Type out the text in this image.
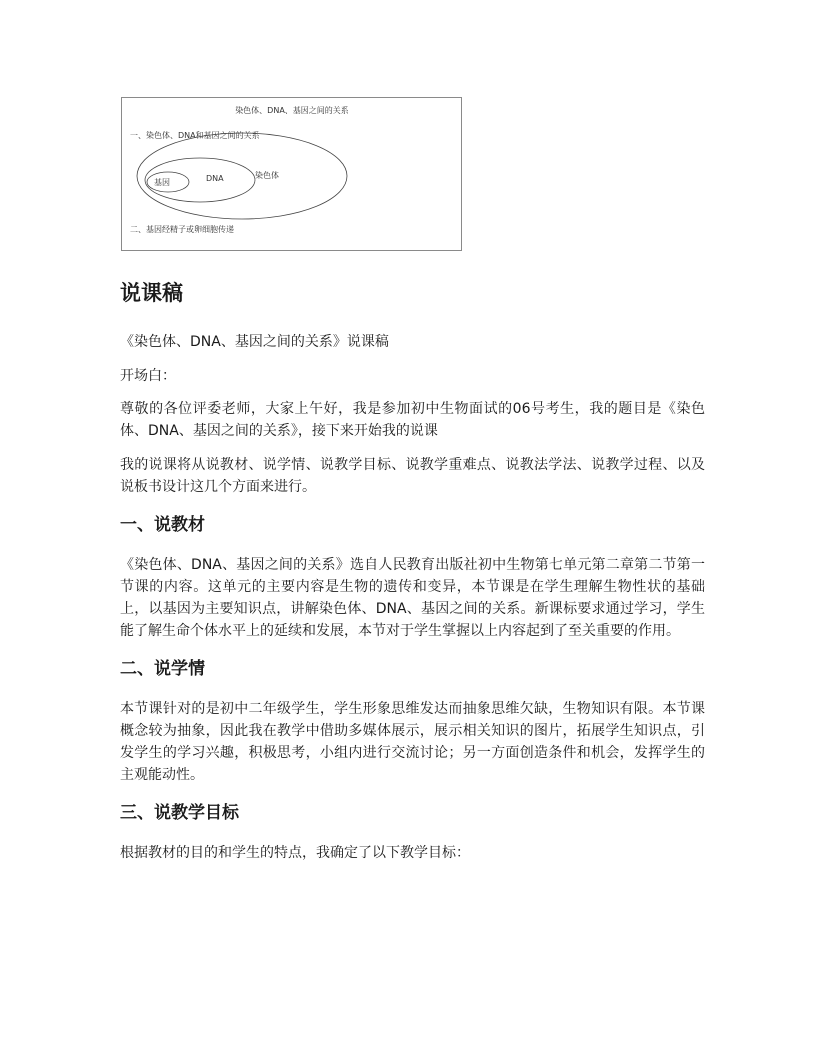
染色体、DNA、基因之间的关系
一、染色体、DNA和基因之间的关系
基因	DNA	染色体
二、基因经精子或卵细胞传递
说课稿

《染色体、DNA、基因之间的关系》说课稿

开场白：

尊敬的各位评委老师，大家上午好，我是参加初中生物面试的06号考生，我的题目是《染色体、DNA、基因之间的关系》，接下来开始我的说课

我的说课将从说教材、说学情、说教学目标、说教学重难点、说教法学法、说教学过程、以及说板书设计这几个方面来进行。

一、说教材

《染色体、DNA、基因之间的关系》选自人民教育出版社初中生物第七单元第二章第二节第一节课的内容。这单元的主要内容是生物的遗传和变异，本节课是在学生理解生物性状的基础上，以基因为主要知识点，讲解染色体、DNA、基因之间的关系。新课标要求通过学习，学生能了解生命个体水平上的延续和发展，本节对于学生掌握以上内容起到了至关重要的作用。

二、说学情

本节课针对的是初中二年级学生，学生形象思维发达而抽象思维欠缺，生物知识有限。本节课概念较为抽象，因此我在教学中借助多媒体展示，展示相关知识的图片，拓展学生知识点，引发学生的学习兴趣，积极思考，小组内进行交流讨论；另一方面创造条件和机会，发挥学生的主观能动性。

三、说教学目标

根据教材的目的和学生的特点，我确定了以下教学目标：
